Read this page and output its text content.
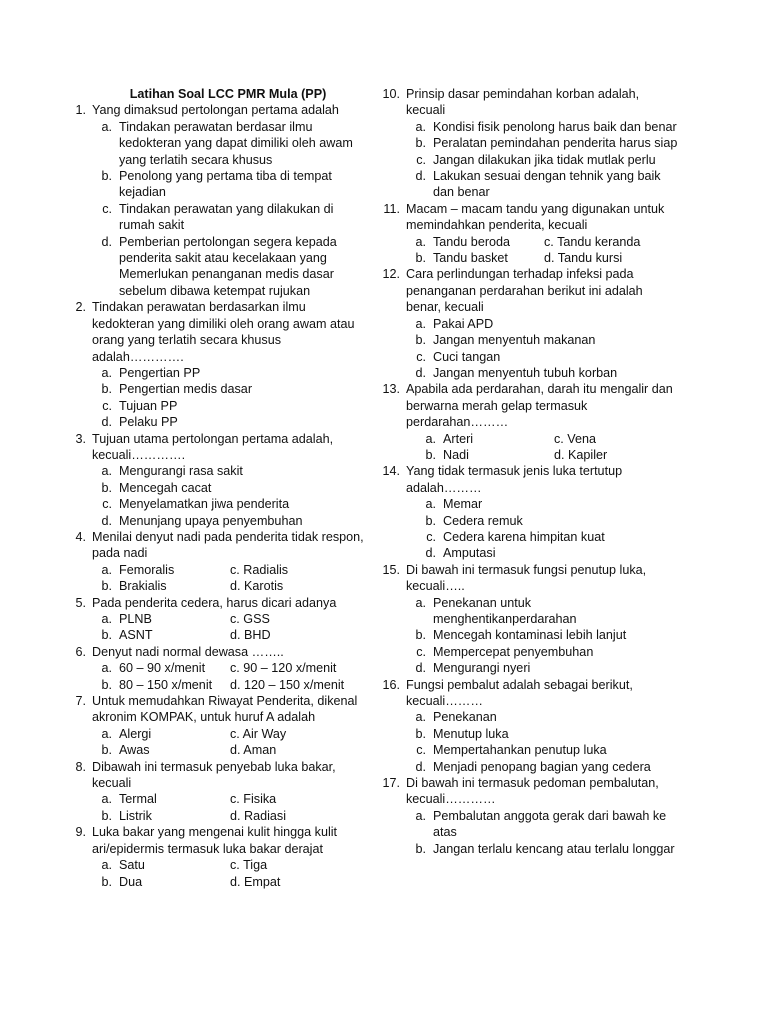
Latihan Soal LCC PMR Mula (PP)
1. Yang dimaksud pertolongan pertama adalah
a. Tindakan perawatan berdasar ilmu kedokteran yang dapat dimiliki oleh awam yang terlatih secara khusus
b. Penolong yang pertama tiba di tempat kejadian
c. Tindakan perawatan yang dilakukan di rumah sakit
d. Pemberian pertolongan segera kepada penderita sakit atau kecelakaan yang Memerlukan penanganan medis dasar sebelum dibawa ketempat rujukan
2. Tindakan perawatan berdasarkan ilmu kedokteran yang dimiliki oleh orang awam atau orang yang terlatih secara khusus adalah………….
a. Pengertian PP
b. Pengertian medis dasar
c. Tujuan PP
d. Pelaku PP
3. Tujuan utama pertolongan pertama adalah, kecuali………….
a. Mengurangi rasa sakit
b. Mencegah cacat
c. Menyelamatkan jiwa penderita
d. Menunjang upaya penyembuhan
4. Menilai denyut nadi pada penderita tidak respon, pada nadi
a. Femoralis	c. Radialis
b. Brakialis	d. Karotis
5. Pada penderita cedera, harus dicari adanya
a. PLNB	c. GSS
b. ASNT	d. BHD
6. Denyut nadi normal dewasa ……..
a. 60 – 90 x/menit	c. 90 – 120 x/menit
b. 80 – 150 x/menit	d. 120 – 150 x/menit
7. Untuk memudahkan Riwayat Penderita, dikenal akronim KOMPAK, untuk huruf A adalah
a. Alergi	c. Air Way
b. Awas	d. Aman
8. Dibawah ini termasuk penyebab luka bakar, kecuali
a. Termal	c. Fisika
b. Listrik	d. Radiasi
9. Luka bakar yang mengenai kulit hingga kulit ari/epidermis termasuk luka bakar derajat
a. Satu	c. Tiga
b. Dua	d. Empat
10. Prinsip dasar pemindahan korban adalah, kecuali
a. Kondisi fisik penolong harus baik dan benar
b. Peralatan pemindahan penderita harus siap
c. Jangan dilakukan jika tidak mutlak perlu
d. Lakukan sesuai dengan tehnik yang baik dan benar
11. Macam – macam tandu yang digunakan untuk memindahkan penderita, kecuali
a. Tandu beroda	c. Tandu keranda
b. Tandu basket	d. Tandu kursi
12. Cara perlindungan terhadap infeksi pada penanganan perdarahan berikut ini adalah benar, kecuali
a. Pakai APD
b. Jangan menyentuh makanan
c. Cuci tangan
d. Jangan menyentuh tubuh korban
13. Apabila ada perdarahan, darah itu mengalir dan berwarna merah gelap termasuk perdarahan………
a. Arteri	c. Vena
b. Nadi	d. Kapiler
14. Yang tidak termasuk jenis luka tertutup adalah………
a. Memar
b. Cedera remuk
c. Cedera karena himpitan kuat
d. Amputasi
15. Di bawah ini termasuk fungsi penutup luka, kecuali…..
a. Penekanan untuk menghentikanperdarahan
b. Mencegah kontaminasi lebih lanjut
c. Mempercepat penyembuhan
d. Mengurangi nyeri
16. Fungsi pembalut adalah sebagai berikut, kecuali………
a. Penekanan
b. Menutup luka
c. Mempertahankan penutup luka
d. Menjadi penopang bagian yang cedera
17. Di bawah ini termasuk pedoman pembalutan, kecuali…………
a. Pembalutan anggota gerak dari bawah ke atas
b. Jangan terlalu kencang atau terlalu longgar
